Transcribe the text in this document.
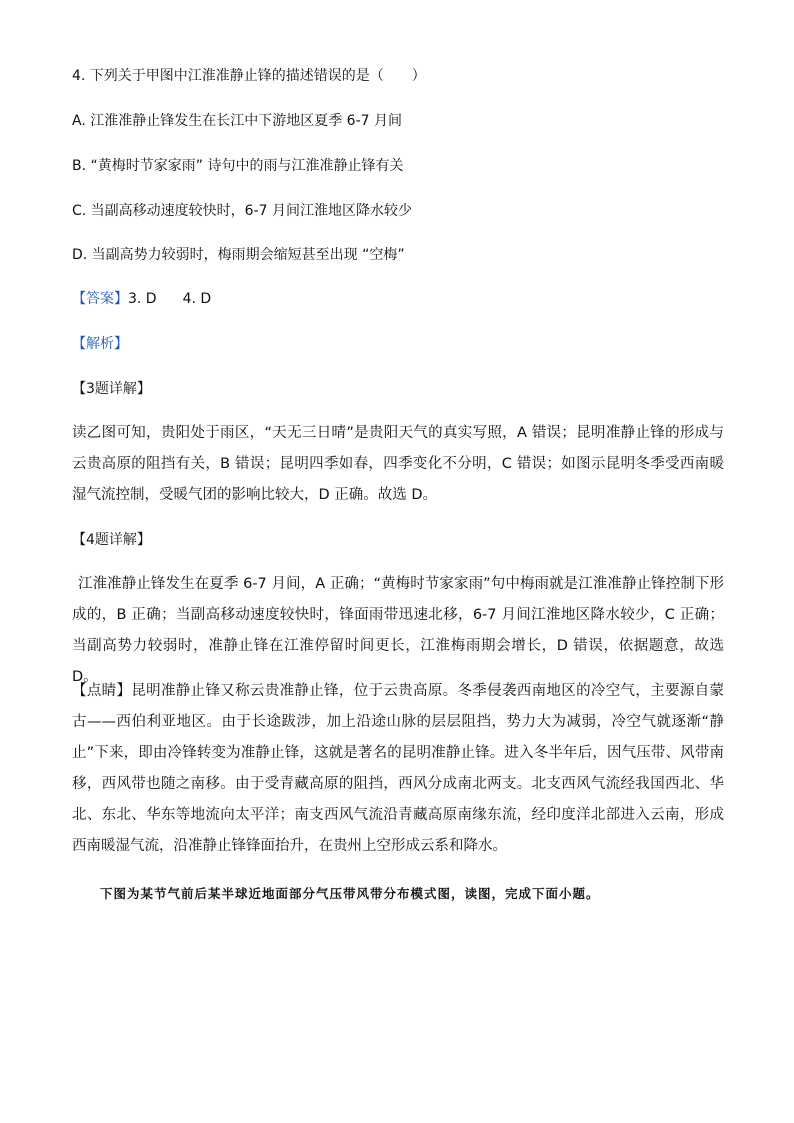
4. 下列关于甲图中江淮准静止锋的描述错误的是（　　）
A. 江淮准静止锋发生在长江中下游地区夏季 6-7 月间
B. “黄梅时节家家雨” 诗句中的雨与江淮准静止锋有关
C. 当副高移动速度较快时，6-7 月间江淮地区降水较少
D. 当副高势力较弱时，梅雨期会缩短甚至出现 “空梅”
【答案】3. D 4. D
【解析】
【3题详解】
读乙图可知，贵阳处于雨区，“天无三日晴”是贵阳天气的真实写照，A 错误；昆明准静止锋的形成与云贵高原的阻挡有关，B 错误；昆明四季如春，四季变化不分明，C 错误；如图示昆明冬季受西南暖湿气流控制，受暖气团的影响比较大，D 正确。故选 D。
【4题详解】
江淮准静止锋发生在夏季 6-7 月间，A 正确；“黄梅时节家家雨”句中梅雨就是江淮准静止锋控制下形成的，B 正确；当副高移动速度较快时，锋面雨带迅速北移，6-7 月间江淮地区降水较少，C 正确；当副高势力较弱时，准静止锋在江淮停留时间更长，江淮梅雨期会增长，D 错误，依据题意，故选 D。
【点睛】昆明准静止锋又称云贵准静止锋，位于云贵高原。冬季侵袭西南地区的冷空气，主要源自蒙古——西伯利亚地区。由于长途跋涉，加上沿途山脉的层层阻挡，势力大为减弱，冷空气就逐渐“静止”下来，即由冷锋转变为准静止锋，这就是著名的昆明准静止锋。进入冬半年后，因气压带、风带南移，西风带也随之南移。由于受青藏高原的阻挡，西风分成南北两支。北支西风气流经我国西北、华北、东北、华东等地流向太平洋；南支西风气流沿青藏高原南缘东流，经印度洋北部进入云南，形成西南暖湿气流，沿准静止锋锋面抬升，在贵州上空形成云系和降水。
下图为某节气前后某半球近地面部分气压带风带分布模式图，读图，完成下面小题。
